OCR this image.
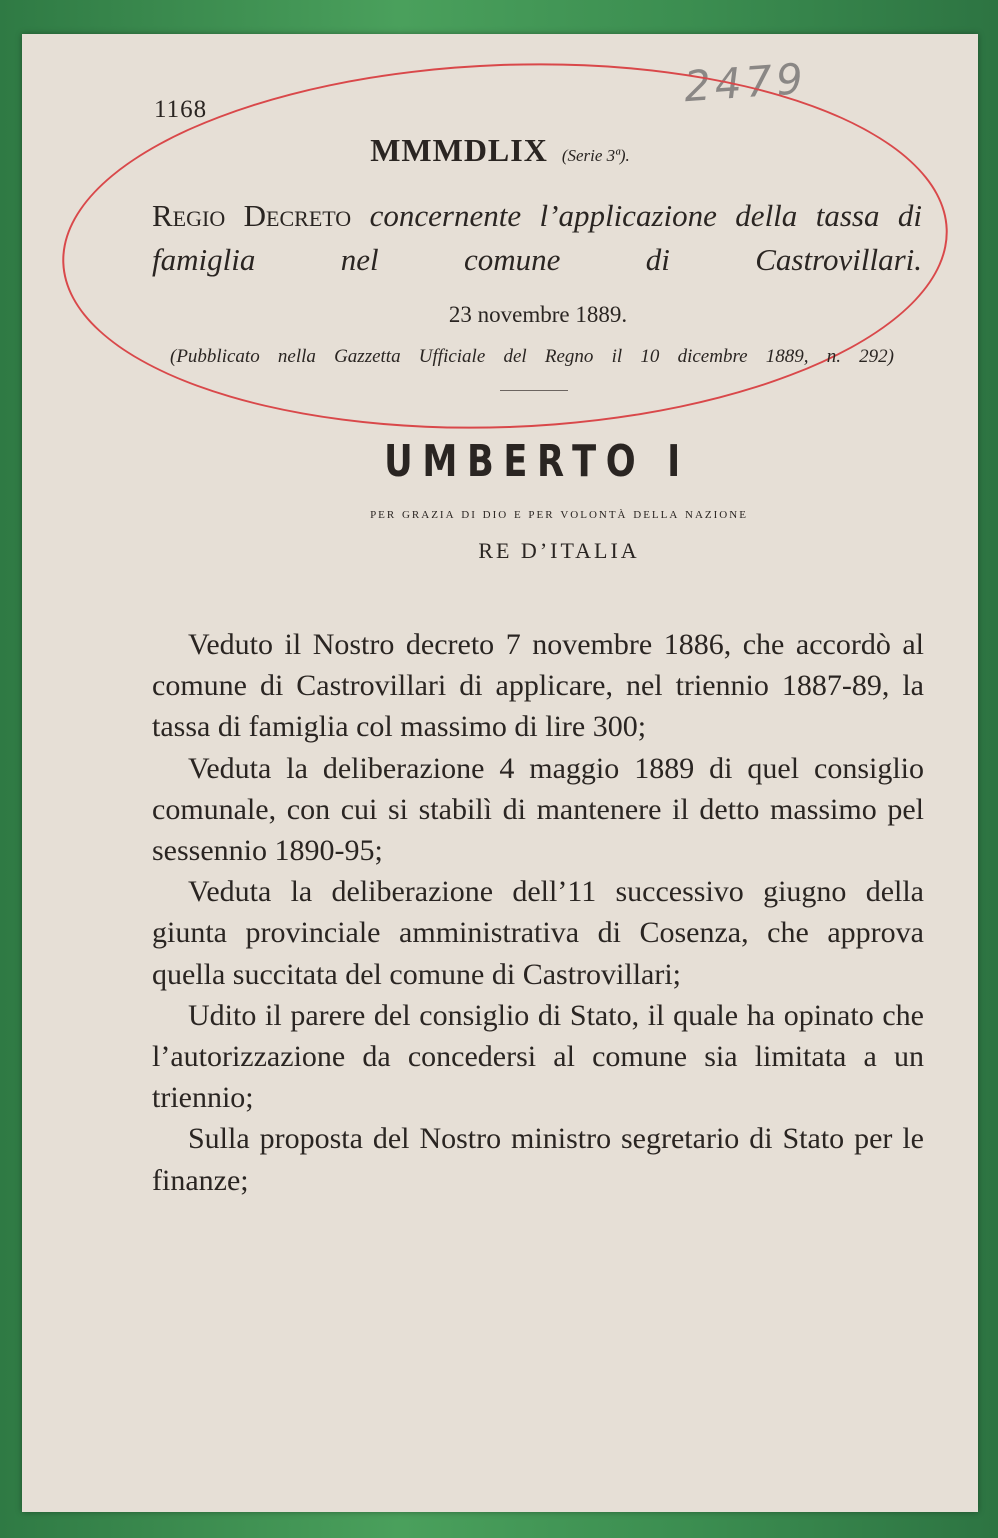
1168	2479
MMMDLIX (Serie 3ª).
Regio Decreto concernente l’applicazione della tassa di famiglia nel comune di Castrovillari.
23 novembre 1889.
(Pubblicato nella Gazzetta Ufficiale del Regno il 10 dicembre 1889, n. 292)
UMBERTO I
per grazia di dio e per volontà della nazione
RE D’ITALIA

Veduto il Nostro decreto 7 novembre 1886, che accordò al comune di Castrovillari di applicare, nel triennio 1887-89, la tassa di famiglia col massimo di lire 300;

Veduta la deliberazione 4 maggio 1889 di quel consiglio comunale, con cui si stabilì di mantenere il detto massimo pel sessennio 1890-95;

Veduta la deliberazione dell’11 successivo giugno della giunta provinciale amministrativa di Cosenza, che approva quella succitata del comune di Castrovillari;

Udito il parere del consiglio di Stato, il quale ha opinato che l’autorizzazione da concedersi al comune sia limitata a un triennio;

Sulla proposta del Nostro ministro segretario di Stato per le finanze;
